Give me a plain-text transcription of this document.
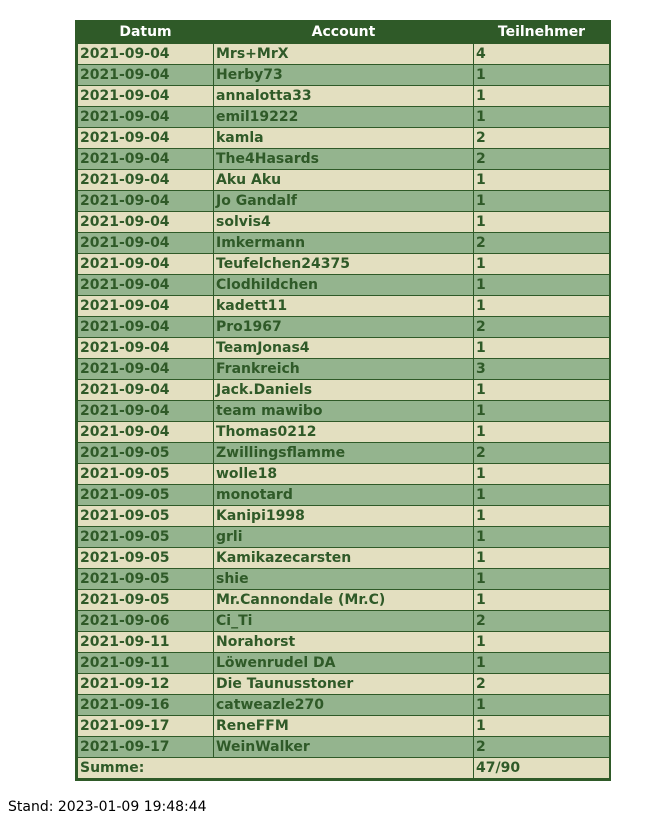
Datum	Account	Teilnehmer
2021-09-04	Mrs+MrX	4
2021-09-04	Herby73	1
2021-09-04	annalotta33	1
2021-09-04	emil19222	1
2021-09-04	kamla	2
2021-09-04	The4Hasards	2
2021-09-04	Aku Aku	1
2021-09-04	Jo Gandalf	1
2021-09-04	solvis4	1
2021-09-04	Imkermann	2
2021-09-04	Teufelchen24375	1
2021-09-04	Clodhildchen	1
2021-09-04	kadett11	1
2021-09-04	Pro1967	2
2021-09-04	TeamJonas4	1
2021-09-04	Frankreich	3
2021-09-04	Jack.Daniels	1
2021-09-04	team mawibo	1
2021-09-04	Thomas0212	1
2021-09-05	Zwillingsflamme	2
2021-09-05	wolle18	1
2021-09-05	monotard	1
2021-09-05	Kanipi1998	1
2021-09-05	grli	1
2021-09-05	Kamikazecarsten	1
2021-09-05	shie	1
2021-09-05	Mr.Cannondale (Mr.C)	1
2021-09-06	Ci_Ti	2
2021-09-11	Norahorst	1
2021-09-11	Löwenrudel DA	1
2021-09-12	Die Taunusstoner	2
2021-09-16	catweazle270	1
2021-09-17	ReneFFM	1
2021-09-17	WeinWalker	2
Summe:		47/90
Stand: 2023-01-09 19:48:44
